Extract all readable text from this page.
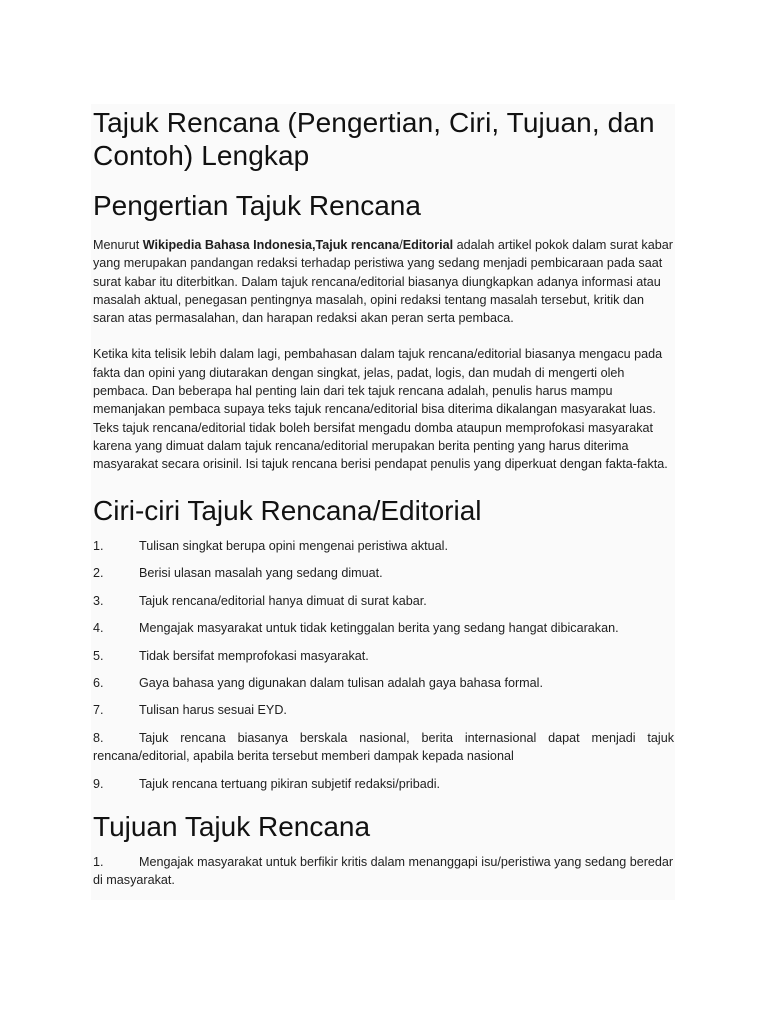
Tajuk Rencana (Pengertian, Ciri, Tujuan, dan Contoh) Lengkap
Pengertian Tajuk Rencana

Menurut Wikipedia Bahasa Indonesia,Tajuk rencana/Editorial adalah artikel pokok dalam surat kabar yang merupakan pandangan redaksi terhadap peristiwa yang sedang menjadi pembicaraan pada saat surat kabar itu diterbitkan. Dalam tajuk rencana/editorial biasanya diungkapkan adanya informasi atau masalah aktual, penegasan pentingnya masalah, opini redaksi tentang masalah tersebut, kritik dan saran atas permasalahan, dan harapan redaksi akan peran serta pembaca.

Ketika kita telisik lebih dalam lagi, pembahasan dalam tajuk rencana/editorial biasanya mengacu pada fakta dan opini yang diutarakan dengan singkat, jelas, padat, logis, dan mudah di mengerti oleh pembaca. Dan beberapa hal penting lain dari tek tajuk rencana adalah, penulis harus mampu memanjakan pembaca supaya teks tajuk rencana/editorial bisa diterima dikalangan masyarakat luas. Teks tajuk rencana/editorial tidak boleh bersifat mengadu domba ataupun memprofokasi masyarakat karena yang dimuat dalam tajuk rencana/editorial merupakan berita penting yang harus diterima masyarakat secara orisinil. Isi tajuk rencana berisi pendapat penulis yang diperkuat dengan fakta-fakta.

Ciri-ciri Tajuk Rencana/Editorial

1.	Tulisan singkat berupa opini mengenai peristiwa aktual.

2.	Berisi ulasan masalah yang sedang dimuat.

3.	Tajuk rencana/editorial hanya dimuat di surat kabar.

4.	Mengajak masyarakat untuk tidak ketinggalan berita yang sedang hangat dibicarakan.

5.	Tidak bersifat memprofokasi masyarakat.

6.	Gaya bahasa yang digunakan dalam tulisan adalah gaya bahasa formal.

7.	Tulisan harus sesuai EYD.

8.	Tajuk rencana biasanya berskala nasional, berita internasional dapat menjadi tajuk rencana/editorial, apabila berita tersebut memberi dampak kepada nasional

9.	Tajuk rencana tertuang pikiran subjetif redaksi/pribadi.

Tujuan Tajuk Rencana

1.	Mengajak masyarakat untuk berfikir kritis dalam menanggapi isu/peristiwa yang sedang beredar di masyarakat.
